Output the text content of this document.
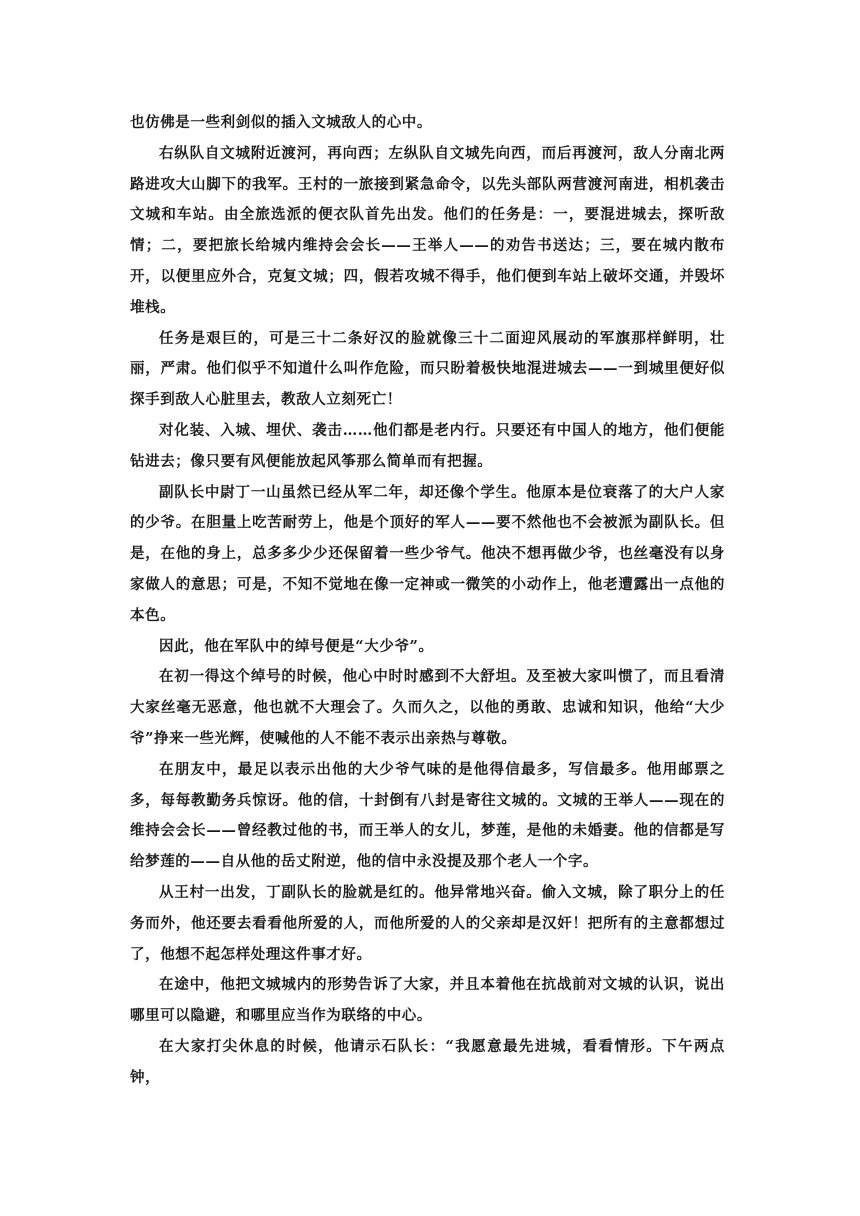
也仿佛是一些利剑似的插入文城敌人的心中。

右纵队自文城附近渡河，再向西；左纵队自文城先向西，而后再渡河，敌人分南北两路进攻大山脚下的我军。王村的一旅接到紧急命令，以先头部队两营渡河南进，相机袭击文城和车站。由全旅选派的便衣队首先出发。他们的任务是：一，要混进城去，探听敌情；二，要把旅长给城内维持会会长——王举人——的劝告书送达；三，要在城内散布开，以便里应外合，克复文城；四，假若攻城不得手，他们便到车站上破坏交通，并毁坏堆栈。

任务是艰巨的，可是三十二条好汉的脸就像三十二面迎风展动的军旗那样鲜明，壮丽，严肃。他们似乎不知道什么叫作危险，而只盼着极快地混进城去——一到城里便好似探手到敌人心脏里去，教敌人立刻死亡！

对化装、入城、埋伏、袭击……他们都是老内行。只要还有中国人的地方，他们便能钻进去；像只要有风便能放起风筝那么简单而有把握。

副队长中尉丁一山虽然已经从军二年，却还像个学生。他原本是位衰落了的大户人家的少爷。在胆量上吃苦耐劳上，他是个顶好的军人——要不然他也不会被派为副队长。但是，在他的身上，总多多少少还保留着一些少爷气。他决不想再做少爷，也丝毫没有以身家做人的意思；可是，不知不觉地在像一定神或一微笑的小动作上，他老遭露出一点他的本色。

因此，他在军队中的绰号便是“大少爷”。

在初一得这个绰号的时候，他心中时时感到不大舒坦。及至被大家叫惯了，而且看清大家丝毫无恶意，他也就不大理会了。久而久之，以他的勇敢、忠诚和知识，他给“大少爷”挣来一些光辉，使喊他的人不能不表示出亲热与尊敬。

在朋友中，最足以表示出他的大少爷气味的是他得信最多，写信最多。他用邮票之多，每每教勤务兵惊讶。他的信，十封倒有八封是寄往文城的。文城的王举人——现在的维持会会长——曾经教过他的书，而王举人的女儿，梦莲，是他的未婚妻。他的信都是写给梦莲的——自从他的岳丈附逆，他的信中永没提及那个老人一个字。

从王村一出发，丁副队长的脸就是红的。他异常地兴奋。偷入文城，除了职分上的任务而外，他还要去看看他所爱的人，而他所爱的人的父亲却是汉奸！把所有的主意都想过了，他想不起怎样处理这件事才好。

在途中，他把文城城内的形势告诉了大家，并且本着他在抗战前对文城的认识，说出哪里可以隐避，和哪里应当作为联络的中心。

在大家打尖休息的时候，他请示石队长：“我愿意最先进城，看看情形。下午两点钟，
